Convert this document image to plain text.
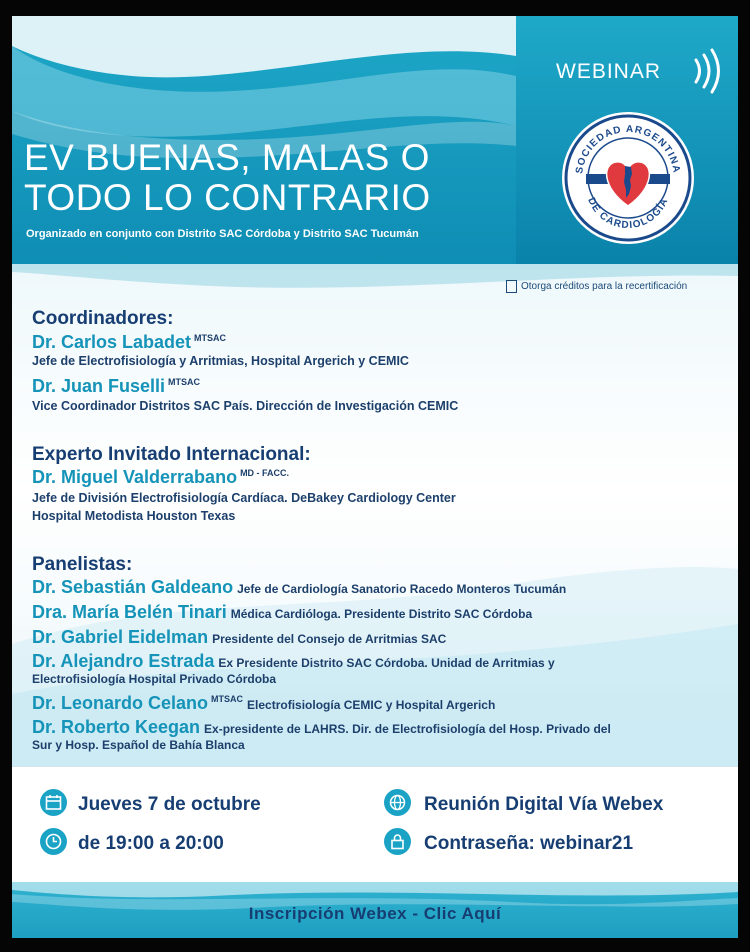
WEBINAR
SOCIEDAD ARGENTINA
DE CARDIOLOGÍA
EV BUENAS, MALAS O
TODO LO CONTRARIO
Organizado en conjunto con Distrito SAC Córdoba y Distrito SAC Tucumán
Otorga créditos para la recertificación
Coordinadores:
Dr. Carlos Labadet $^{MTSAC}$
Jefe de Electrofisiología y Arritmias, Hospital Argerich y CEMIC
Dr. Juan Fuselli $^{MTSAC}$
Vice Coordinador Distritos SAC País. Dirección de Investigación CEMIC
Experto Invitado Internacional:
Dr. Miguel Valderrabano $^{MD - FACC.}$
Jefe de División Electrofisiología Cardíaca. DeBakey Cardiology Center
Hospital Metodista Houston Texas
Panelistas:
Dr. Sebastián Galdeano Jefe de Cardiología Sanatorio Racedo Monteros Tucumán
Dra. María Belén Tinari Médica Cardióloga. Presidente Distrito SAC Córdoba
Dr. Gabriel Eidelman Presidente del Consejo de Arritmias SAC
Dr. Alejandro Estrada Ex Presidente Distrito SAC Córdoba. Unidad de Arritmias y
Electrofisiología Hospital Privado Córdoba
Dr. Leonardo Celano $^{MTSAC}$ Electrofisiología CEMIC y Hospital Argerich
Dr. Roberto Keegan Ex-presidente de LAHRS. Dir. de Electrofisiología del Hosp. Privado del
Sur y Hosp. Español de Bahía Blanca
Jueves 7 de octubre
de 19:00 a 20:00
Reunión Digital Vía Webex
Contraseña: webinar21
Inscripción Webex - Clic Aquí
